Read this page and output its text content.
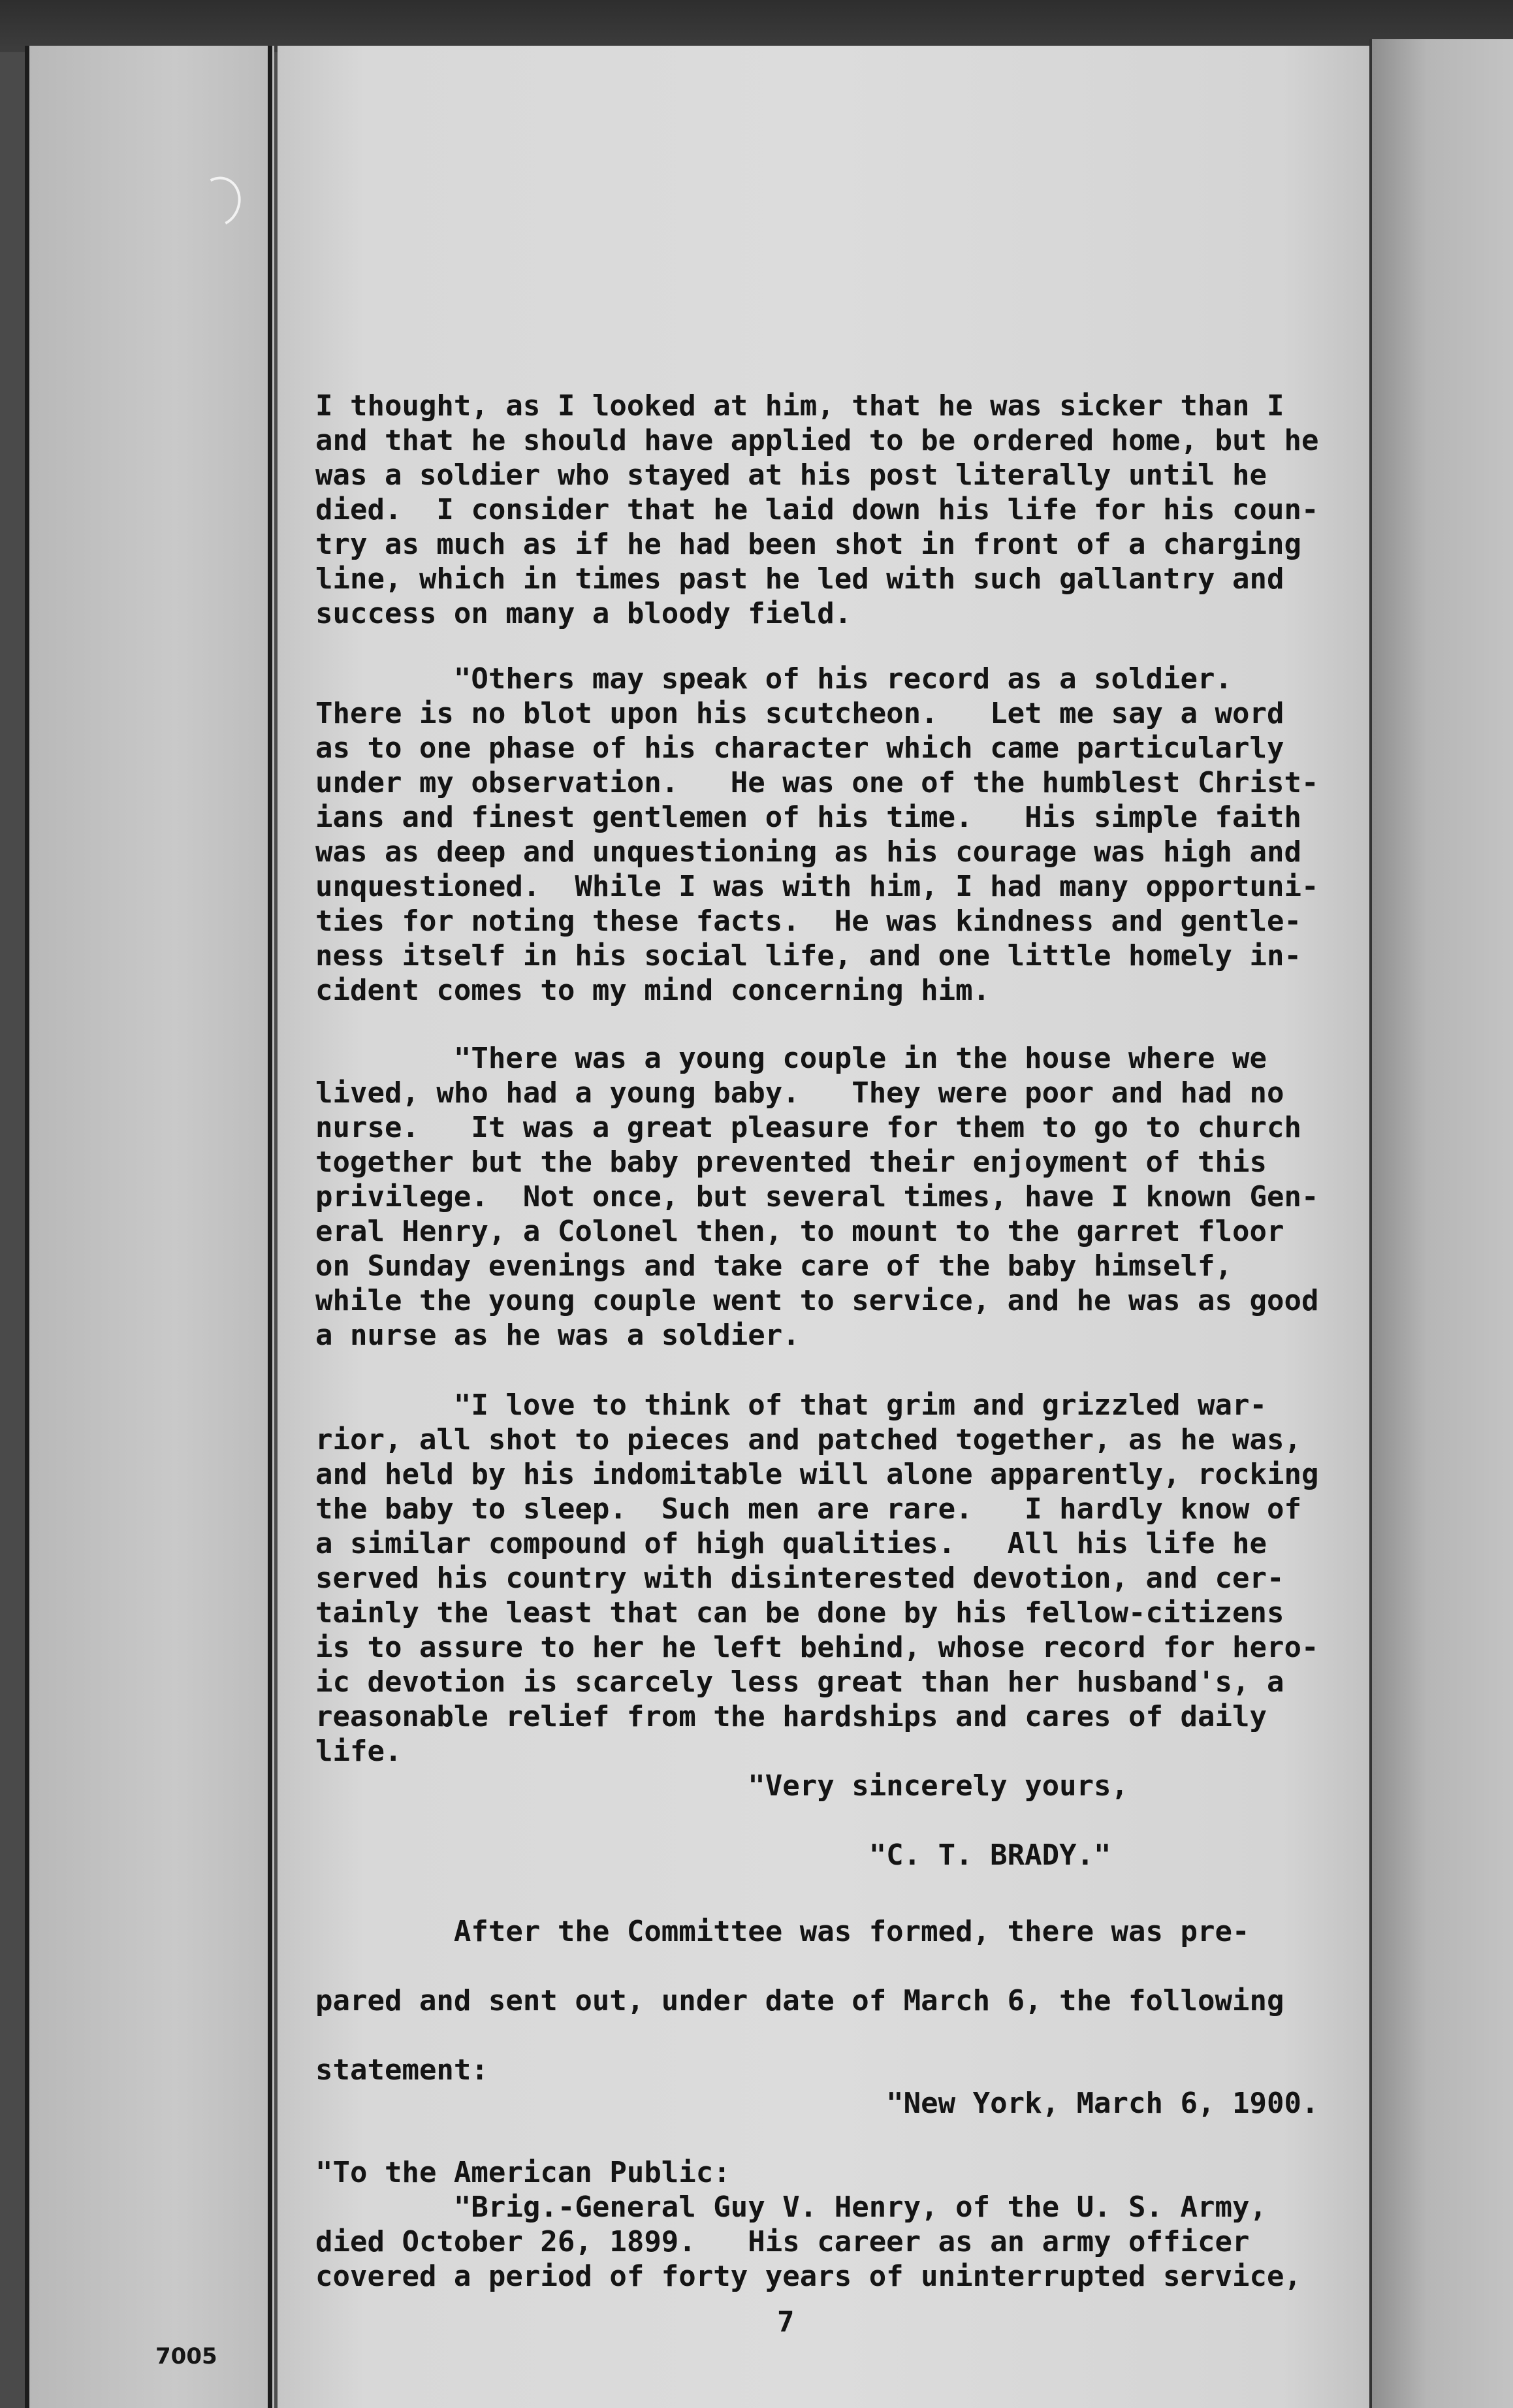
I thought, as I looked at him, that he was sicker than I
and that he should have applied to be ordered home, but he
was a soldier who stayed at his post literally until he
died.  I consider that he laid down his life for his coun-
try as much as if he had been shot in front of a charging
line, which in times past he led with such gallantry and
success on many a bloody field.
"Others may speak of his record as a soldier.
There is no blot upon his scutcheon.   Let me say a word
as to one phase of his character which came particularly
under my observation.   He was one of the humblest Christ-
ians and finest gentlemen of his time.   His simple faith
was as deep and unquestioning as his courage was high and
unquestioned.  While I was with him, I had many opportuni-
ties for noting these facts.  He was kindness and gentle-
ness itself in his social life, and one little homely in-
cident comes to my mind concerning him.
"There was a young couple in the house where we
lived, who had a young baby.   They were poor and had no
nurse.   It was a great pleasure for them to go to church
together but the baby prevented their enjoyment of this
privilege.  Not once, but several times, have I known Gen-
eral Henry, a Colonel then, to mount to the garret floor
on Sunday evenings and take care of the baby himself,
while the young couple went to service, and he was as good
a nurse as he was a soldier.
"I love to think of that grim and grizzled war-
rior, all shot to pieces and patched together, as he was,
and held by his indomitable will alone apparently, rocking
the baby to sleep.  Such men are rare.   I hardly know of
a similar compound of high qualities.   All his life he
served his country with disinterested devotion, and cer-
tainly the least that can be done by his fellow-citizens
is to assure to her he left behind, whose record for hero-
ic devotion is scarcely less great than her husband's, a
reasonable relief from the hardships and cares of daily
life.
"Very sincerely yours,

"C. T. BRADY."
After the Committee was formed, there was pre-
pared and sent out, under date of March 6, the following
statement:
"New York, March 6, 1900.

"To the American Public:
"Brig.-General Guy V. Henry, of the U. S. Army,
died October 26, 1899.   His career as an army officer
covered a period of forty years of uninterrupted service,
7
7005
